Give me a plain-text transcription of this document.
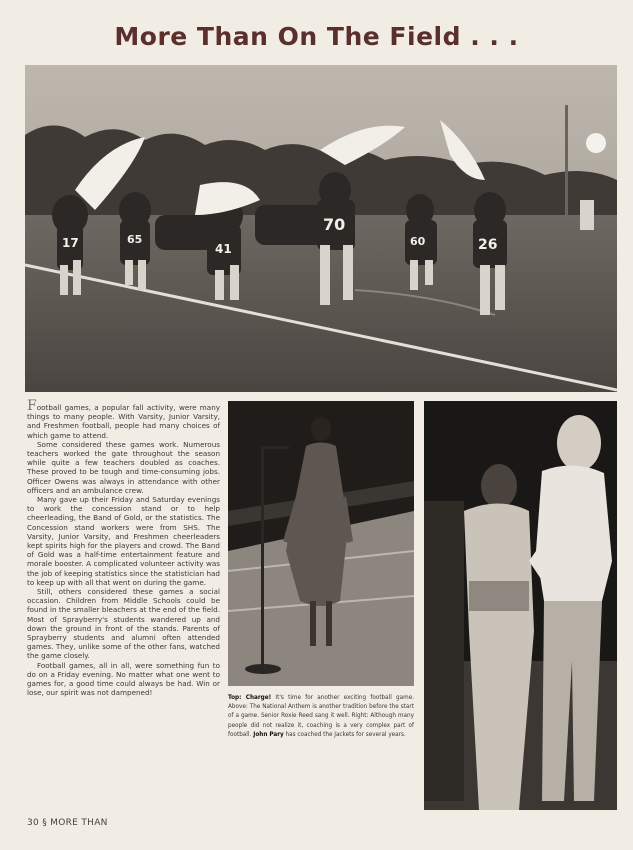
More Than On The Field . . .
17	65
41
70
60	26

Football games, a popular fall activity, were many things to many people. With Varsity, Junior Varsity, and Freshmen football, people had many choices of which game to attend.

Some considered these games work. Numerous teachers worked the gate throughout the season while quite a few teachers doubled as coaches. These proved to be tough and time-consuming jobs. Officer Owens was always in attendance with other officers and an ambulance crew.

Many gave up their Friday and Saturday evenings to work the concession stand or to help cheerleading, the Band of Gold, or the statistics. The Concession stand workers were from SHS. The Varsity, Junior Varsity, and Freshmen cheerleaders kept spirits high for the players and crowd. The Band of Gold was a half-time entertainment feature and morale booster. A complicated volunteer activity was the job of keeping statistics since the statistician had to keep up with all that went on during the game.

Still, others considered these games a social occasion. Children from Middle Schools could be found in the smaller bleachers at the end of the field. Most of Sprayberry's students wandered up and down the ground in front of the stands. Parents of Sprayberry students and alumni often attended games. They, unlike some of the other fans, watched the game closely.

Football games, all in all, were something fun to do on a Friday evening. No matter what one went to games for, a good time could always be had. Win or lose, our spirit was not dampened!

Top: Charge! It's time for another exciting football game. Above: The National Anthem is another tradition before the start of a game. Senior Roxie Reed sang it well. Right: Although many people did not realize it, coaching is a very complex part of football. John Pary has coached the Jackets for several years.
30 § MORE THAN
